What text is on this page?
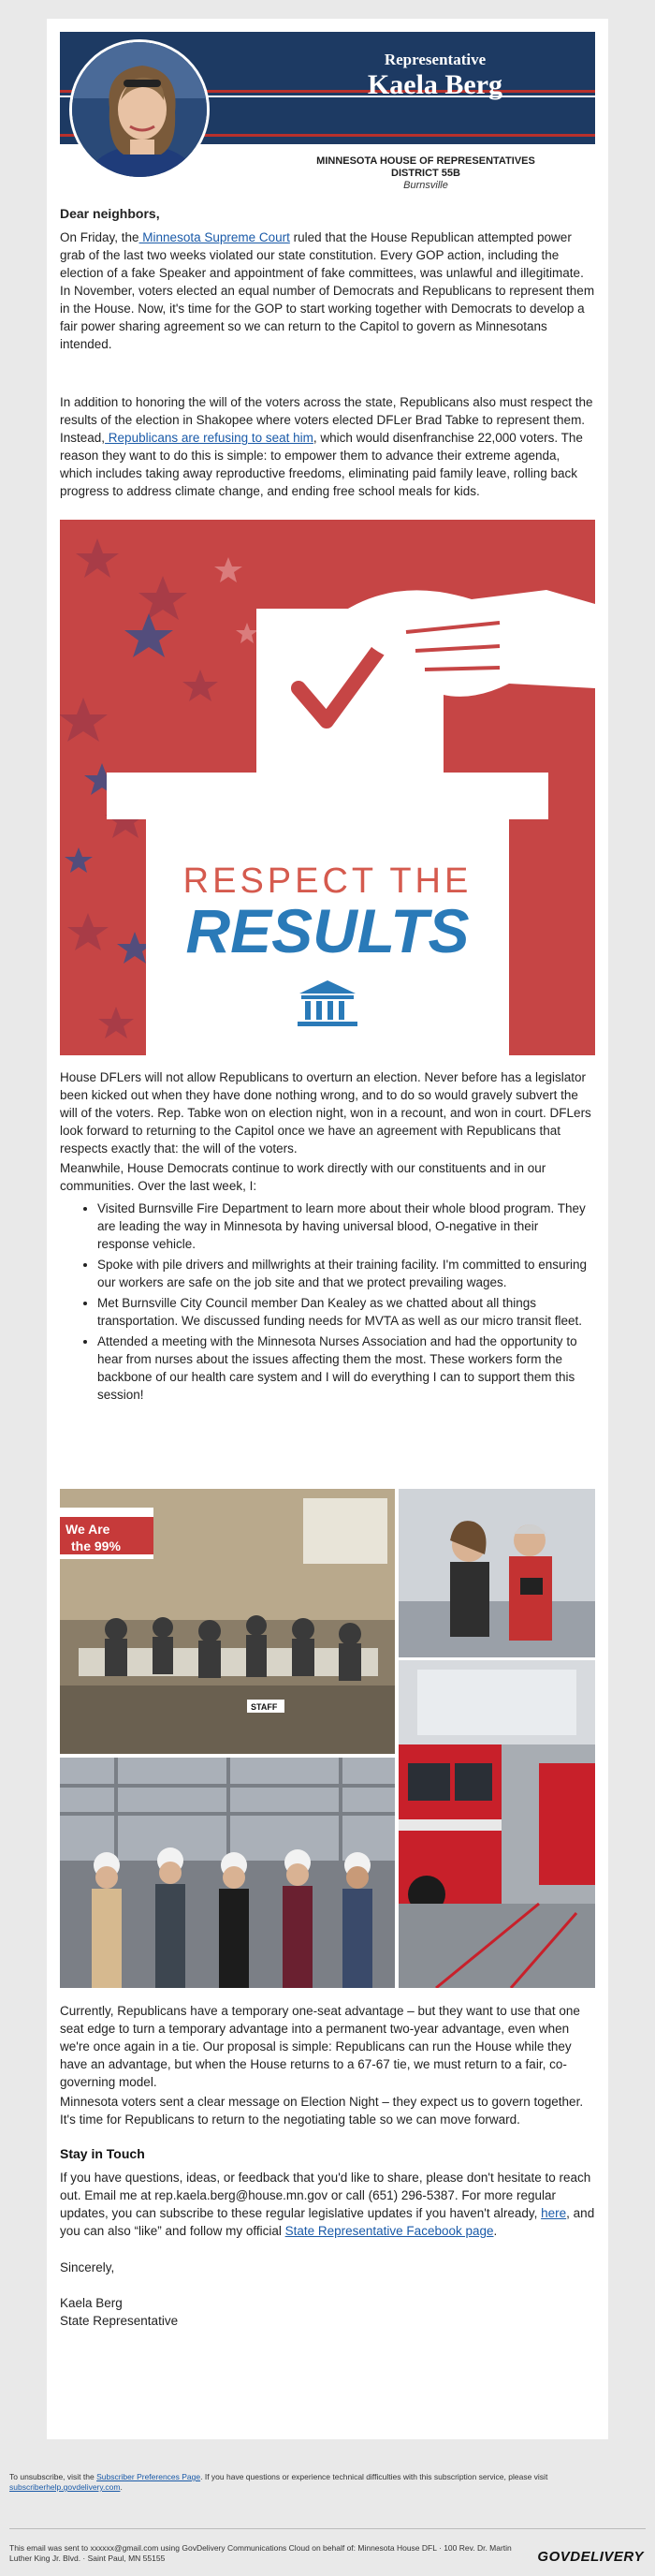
Representative
Kaela Berg
MINNESOTA HOUSE OF REPRESENTATIVES
DISTRICT 55B
Burnsville
Dear neighbors,
On Friday, the Minnesota Supreme Court ruled that the House Republican attempted power grab of the last two weeks violated our state constitution. Every GOP action, including the election of a fake Speaker and appointment of fake committees, was unlawful and illegitimate. In November, voters elected an equal number of Democrats and Republicans to represent them in the House. Now, it's time for the GOP to start working together with Democrats to develop a fair power sharing agreement so we can return to the Capitol to govern as Minnesotans intended.
In addition to honoring the will of the voters across the state, Republicans also must respect the results of the election in Shakopee where voters elected DFLer Brad Tabke to represent them. Instead, Republicans are refusing to seat him, which would disenfranchise 22,000 voters. The reason they want to do this is simple: to empower them to advance their extreme agenda, which includes taking away reproductive freedoms, eliminating paid family leave, rolling back progress to address climate change, and ending free school meals for kids.
RESPECT THE
RESULTS
House DFLers will not allow Republicans to overturn an election. Never before has a legislator been kicked out when they have done nothing wrong, and to do so would gravely subvert the will of the voters. Rep. Tabke won on election night, won in a recount, and won in court. DFLers look forward to returning to the Capitol once we have an agreement with Republicans that respects exactly that: the will of the voters.
Meanwhile, House Democrats continue to work directly with our constituents and in our communities. Over the last week, I:
• Visited Burnsville Fire Department to learn more about their whole blood program. They are leading the way in Minnesota by having universal blood, O-negative in their response vehicle.
• Spoke with pile drivers and millwrights at their training facility. I'm committed to ensuring our workers are safe on the job site and that we protect prevailing wages.
• Met Burnsville City Council member Dan Kealey as we chatted about all things transportation. We discussed funding needs for MVTA as well as our micro transit fleet.
• Attended a meeting with the Minnesota Nurses Association and had the opportunity to hear from nurses about the issues affecting them the most. These workers form the backbone of our health care system and I will do everything I can to support them this session!
We Are
the 99%
STAFF
Currently, Republicans have a temporary one-seat advantage – but they want to use that one seat edge to turn a temporary advantage into a permanent two-year advantage, even when we're once again in a tie. Our proposal is simple: Republicans can run the House while they have an advantage, but when the House returns to a 67-67 tie, we must return to a fair, co-governing model.
Minnesota voters sent a clear message on Election Night – they expect us to govern together. It's time for Republicans to return to the negotiating table so we can move forward.
Stay in Touch
If you have questions, ideas, or feedback that you'd like to share, please don't hesitate to reach out. Email me at rep.kaela.berg@house.mn.gov or call (651) 296-5387. For more regular updates, you can subscribe to these regular legislative updates if you haven't already, here, and you can also “like” and follow my official State Representative Facebook page.
Sincerely,
Kaela Berg
State Representative
To unsubscribe, visit the Subscriber Preferences Page. If you have questions or experience technical difficulties with this subscription service, please visit subscriberhelp.govdelivery.com.
This email was sent to xxxxxx@gmail.com using GovDelivery Communications Cloud on behalf of: Minnesota House DFL · 100 Rev. Dr. Martin Luther King Jr. Blvd. · Saint Paul, MN 55155	GOVDELIVERY
